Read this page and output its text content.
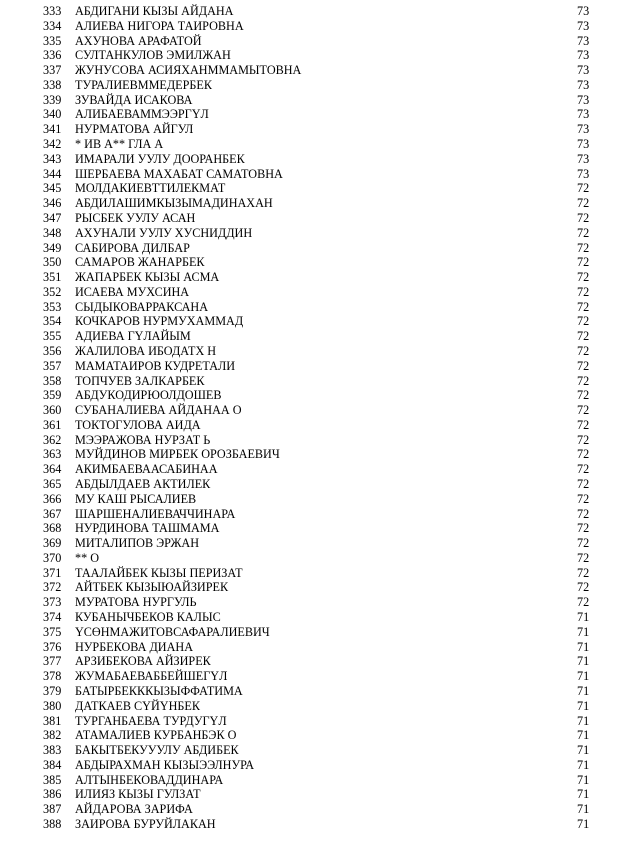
333	АБДИГАНИ КЫЗЫ АЙДАНА	73
334	АЛИЕВА НИГОРА ТАИРОВНА	73
335	АХУНОВА АРАФАТОЙ	73
336	СУЛТАНКУЛОВ ЭМИЛЖАН	73
337	ЖУНУСОВА АСИЯХАНММАМЫТОВНА	73
338	ТУРАЛИЕВММЕДЕРБЕК	73
339	ЗУВАЙДА ИСАКОВА	73
340	АЛИБАЕВАММЭЭРГҮЛ	73
341	НУРМАТОВА АЙГУЛ	73
342	* ИВ А** ГЛА А	73
343	ИМАРАЛИ УУЛУ ДООРАНБЕК	73
344	ШЕРБАЕВА МАХАБАТ САМАТОВНА	73
345	МОЛДАКИЕВТТИЛЕКМАТ	72
346	АБДИЛАШИМКЫЗЫМАДИНАХАН	72
347	РЫСБЕК УУЛУ АСАН	72
348	АХУНАЛИ УУЛУ ХУСНИДДИН	72
349	САБИРОВА ДИЛБАР	72
350	САМАРОВ ЖАНАРБЕК	72
351	ЖАПАРБЕК КЫЗЫ АСМА	72
352	ИСАЕВА МУХСИНА	72
353	СЫДЫКОВАРРАКСАНА	72
354	КОЧКАРОВ НУРМУХАММАД	72
355	АДИЕВА ГҮЛАЙЫМ	72
356	ЖАЛИЛОВА ИБОДАТХ Н	72
357	МАМАТАИРОВ КУДРЕТАЛИ	72
358	ТОПЧУЕВ ЗАЛКАРБЕК	72
359	АБДУКОДИРЮОЛДОШЕВ	72
360	СУБАНАЛИЕВА АЙДАНАА О	72
361	ТОКТОГУЛОВА АИДА	72
362	МЭЭРАЖОВА НУРЗАТ Ь	72
363	МУЙДИНОВ МИРБЕК ОРОЗБАЕВИЧ	72
364	АКИМБАЕВААСАБИНАА	72
365	АБДЫЛДАЕВ АКТИЛЕК	72
366	МУ КАШ РЫСАЛИЕВ	72
367	ШАРШЕНАЛИЕВАЧЧИНАРА	72
368	НУРДИНОВА ТАШМАМА	72
369	МИТАЛИПОВ ЭРЖАН	72
370	** О	72
371	ТААЛАЙБЕК КЫЗЫ ПЕРИЗАТ	72
372	АЙТБЕК КЫЗЫЮАЙЗИРЕК	72
373	МУРАТОВА НУРГУЛЬ	72
374	КУБАНЫЧБЕКОВ КАЛЫС	71
375	ҮСӨНМАЖИТОВСАФАРАЛИЕВИЧ	71
376	НУРБЕКОВА ДИАНА	71
377	АРЗИБЕКОВА АЙЗИРЕК	71
378	ЖУМАБАЕВАББЕЙШЕГҮЛ	71
379	БАТЫРБЕКККЫЗЫФФАТИМА	71
380	ДАТКАЕВ СҮЙҮНБЕК	71
381	ТУРГАНБАЕВА ТУРДУГҮЛ	71
382	АТАМАЛИЕВ КУРБАНБЭК О	71
383	БАКЫТБЕКУУУЛУ АБДИБЕК	71
384	АБДЫРАХМАН КЫЗЫЭЭЛНУРА	71
385	АЛТЫНБЕКОВАДДИНАРА	71
386	ИЛИЯЗ КЫЗЫ ГУЛЗАТ	71
387	АЙДАРОВА ЗАРИФА	71
388	ЗАИРОВА БУРУЙЛАКАН	71
